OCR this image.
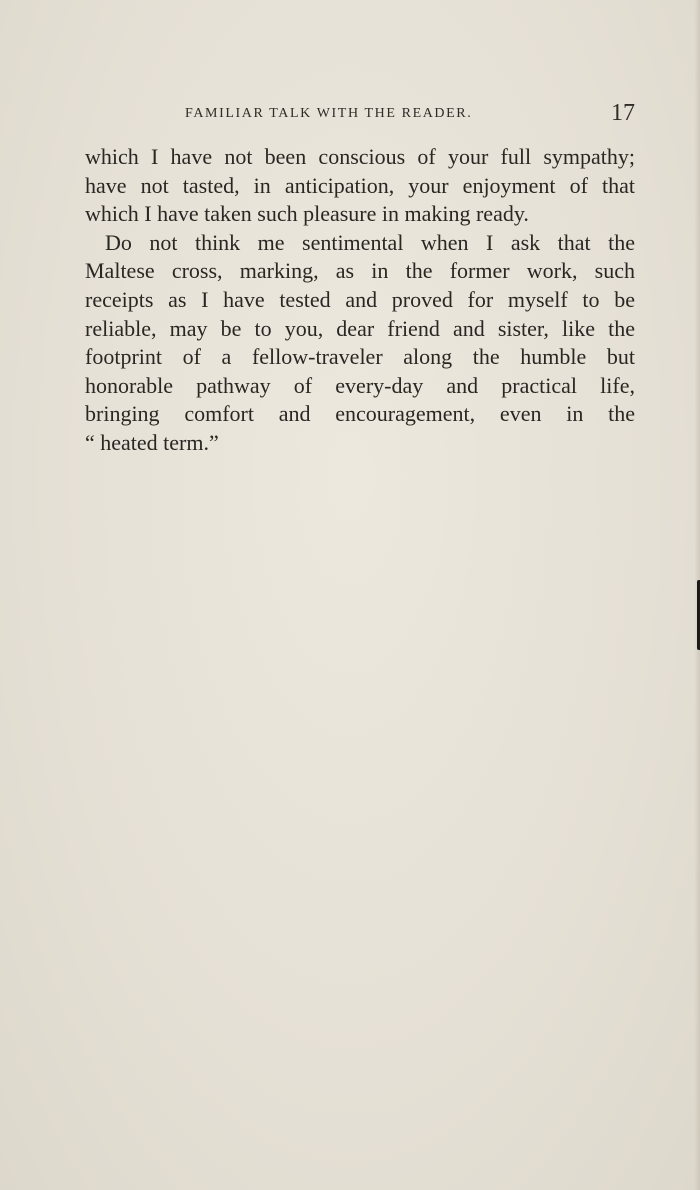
FAMILIAR TALK WITH THE READER.	17
which I have not been conscious of your full sympathy;
have not tasted, in anticipation, your enjoyment of that
which I have taken such pleasure in making ready.
Do not think me sentimental when I ask that the
Maltese cross, marking, as in the former work, such
receipts as I have tested and proved for myself to be
reliable, may be to you, dear friend and sister, like the
footprint of a fellow-traveler along the humble but
honorable pathway of every-day and practical life,
bringing comfort and encouragement, even in the
“ heated term.”
